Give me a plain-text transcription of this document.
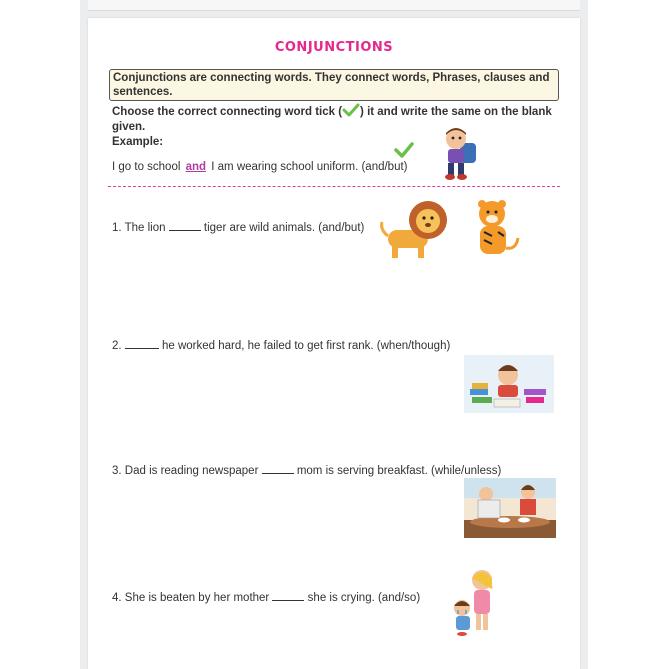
CONJUNCTIONS
Conjunctions are connecting words. They connect words, Phrases, clauses and sentences.
Choose the correct connecting word tick ( ) it and write the same on the blank given.
Example:
I go to school and I am wearing school uniform. (and/but)
1. The lion	tiger are wild animals. (and/but)
2.	he worked hard, he failed to get first rank. (when/though)
3. Dad is reading newspaper	mom is serving breakfast. (while/unless)
4. She is beaten by her mother	she is crying. (and/so)
